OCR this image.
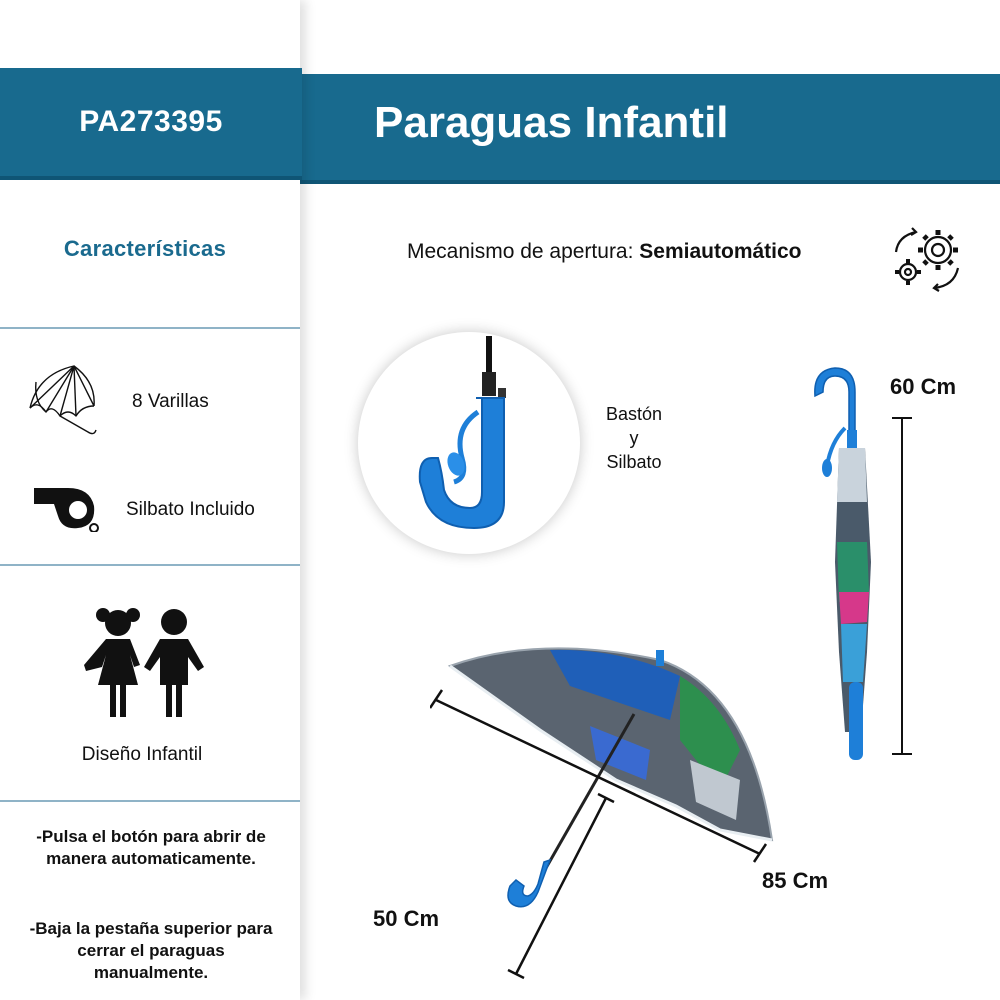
Características
8 Varillas
Silbato Incluido
Diseño Infantil
-Pulsa el botón para abrir de manera automaticamente.
-Baja la pestaña superior para cerrar el paraguas manualmente.
PA273395	Paraguas Infantil
Mecanismo de apertura: Semiautomático
Bastón
y
Silbato
60 Cm
85 Cm
50 Cm
